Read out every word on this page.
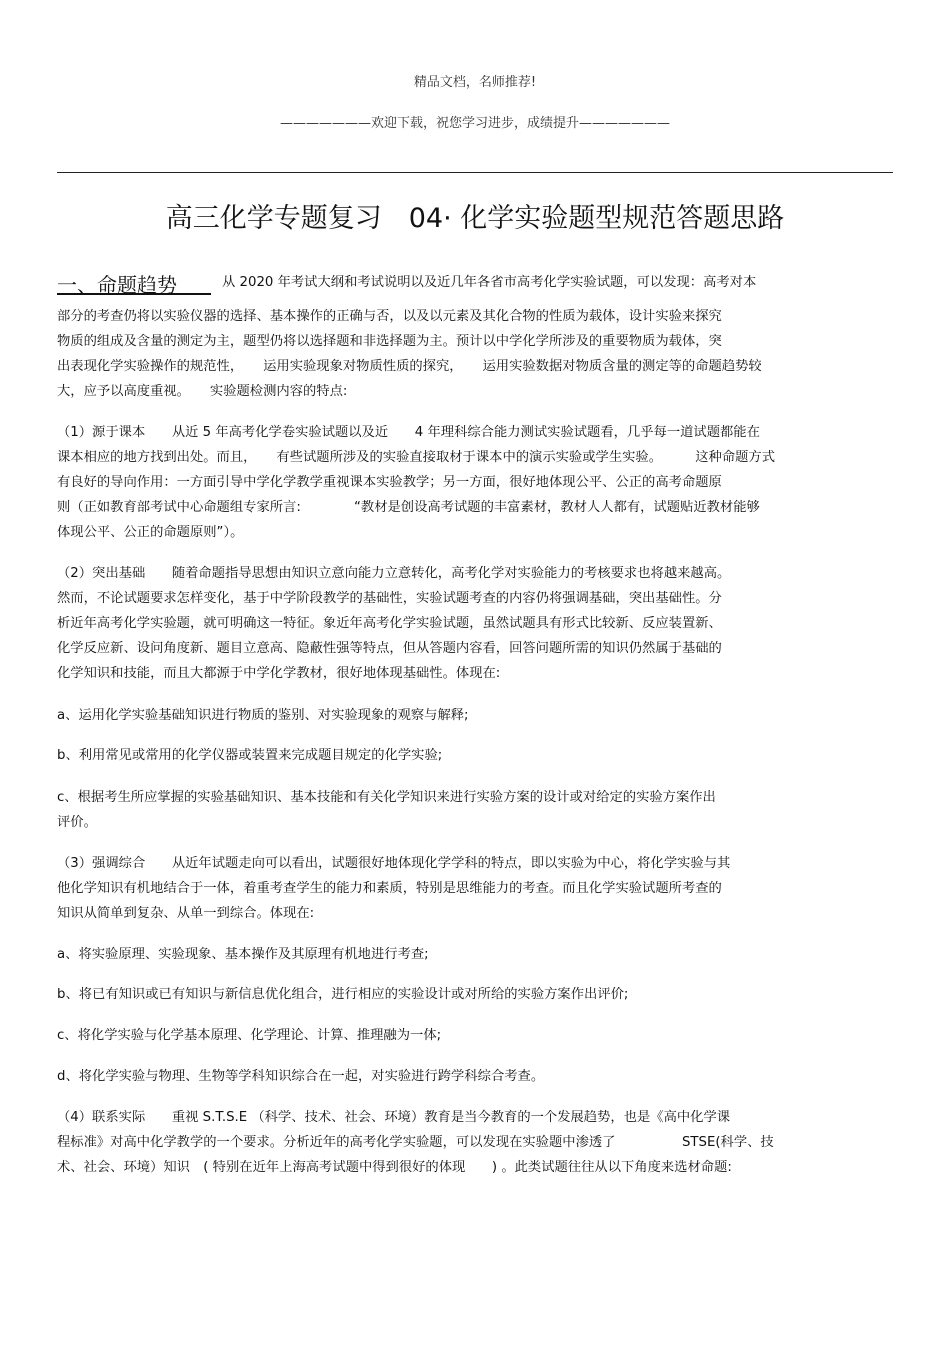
精品文档，名师推荐!
———————欢迎下载，祝您学习进步，成绩提升———————
高三化学专题复习　04· 化学实验题型规范答题思路
一、命题趋势	从 2020 年考试大纲和考试说明以及近几年各省市高考化学实验试题，可以发现：高考对本
部分的考查仍将以实验仪器的选择、基本操作的正确与否，以及以元素及其化合物的性质为载体，设计实验来探究
物质的组成及含量的测定为主，题型仍将以选择题和非选择题为主。预计以中学化学所涉及的重要物质为载体，突
出表现化学实验操作的规范性，　　运用实验现象对物质性质的探究，　　运用实验数据对物质含量的测定等的命题趋势较
大，应予以高度重视。　　实验题检测内容的特点:
（1）源于课本　　从近 5 年高考化学卷实验试题以及近　　4 年理科综合能力测试实验试题看，几乎每一道试题都能在
课本相应的地方找到出处。而且，　　有些试题所涉及的实验直接取材于课本中的演示实验或学生实验。　　　这种命题方式
有良好的导向作用：一方面引导中学化学教学重视课本实验教学；另一方面，很好地体现公平、公正的高考命题原
则（正如教育部考试中心命题组专家所言:　　　　“教材是创设高考试题的丰富素材，教材人人都有，试题贴近教材能够
体现公平、公正的命题原则”）。
（2）突出基础　　随着命题指导思想由知识立意向能力立意转化，高考化学对实验能力的考核要求也将越来越高。
然而，不论试题要求怎样变化，基于中学阶段教学的基础性，实验试题考查的内容仍将强调基础，突出基础性。分
析近年高考化学实验题，就可明确这一特征。象近年高考化学实验试题，虽然试题具有形式比较新、反应装置新、
化学反应新、设问角度新、题目立意高、隐蔽性强等特点，但从答题内容看，回答问题所需的知识仍然属于基础的
化学知识和技能，而且大都源于中学化学教材，很好地体现基础性。体现在:
a、运用化学实验基础知识进行物质的鉴别、对实验现象的观察与解释;
b、利用常见或常用的化学仪器或装置来完成题目规定的化学实验;
c、根据考生所应掌握的实验基础知识、基本技能和有关化学知识来进行实验方案的设计或对给定的实验方案作出
评价。
（3）强调综合　　从近年试题走向可以看出，试题很好地体现化学学科的特点，即以实验为中心，将化学实验与其
他化学知识有机地结合于一体，着重考查学生的能力和素质，特别是思维能力的考查。而且化学实验试题所考查的
知识从简单到复杂、从单一到综合。体现在:
a、将实验原理、实验现象、基本操作及其原理有机地进行考查;
b、将已有知识或已有知识与新信息优化组合，进行相应的实验设计或对所给的实验方案作出评价;
c、将化学实验与化学基本原理、化学理论、计算、推理融为一体;
d、将化学实验与物理、生物等学科知识综合在一起，对实验进行跨学科综合考查。
（4）联系实际　　重视 S.T.S.E （科学、技术、社会、环境）教育是当今教育的一个发展趋势，也是《高中化学课
程标准》对高中化学教学的一个要求。分析近年的高考化学实验题，可以发现在实验题中渗透了　　　　　STSE(科学、技
术、社会、环境）知识　( 特别在近年上海高考试题中得到很好的体现　　) 。此类试题往往从以下角度来选材命题:
